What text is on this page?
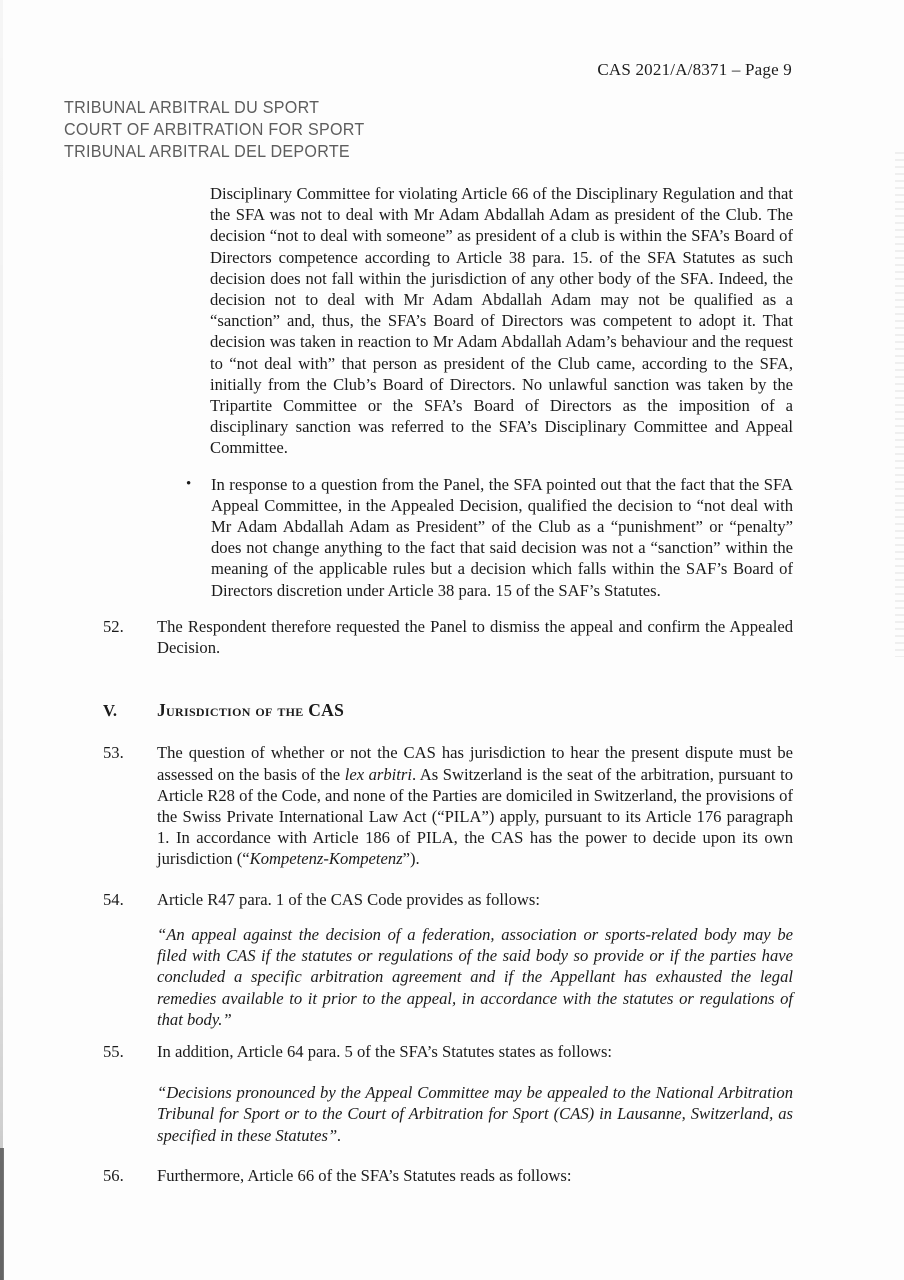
CAS 2021/A/8371 – Page 9
TRIBUNAL ARBITRAL DU SPORT
COURT OF ARBITRATION FOR SPORT
TRIBUNAL ARBITRAL DEL DEPORTE

Disciplinary Committee for violating Article 66 of the Disciplinary Regulation and that the SFA was not to deal with Mr Adam Abdallah Adam as president of the Club. The decision “not to deal with someone” as president of a club is within the SFA’s Board of Directors competence according to Article 38 para. 15. of the SFA Statutes as such decision does not fall within the jurisdiction of any other body of the SFA. Indeed, the decision not to deal with Mr Adam Abdallah Adam may not be qualified as a “sanction” and, thus, the SFA’s Board of Directors was competent to adopt it. That decision was taken in reaction to Mr Adam Abdallah Adam’s behaviour and the request to “not deal with” that person as president of the Club came, according to the SFA, initially from the Club’s Board of Directors. No unlawful sanction was taken by the Tripartite Committee or the SFA’s Board of Directors as the imposition of a disciplinary sanction was referred to the SFA’s Disciplinary Committee and Appeal Committee.

•	In response to a question from the Panel, the SFA pointed out that the fact that the SFA Appeal Committee, in the Appealed Decision, qualified the decision to “not deal with Mr Adam Abdallah Adam as President” of the Club as a “punishment” or “penalty” does not change anything to the fact that said decision was not a “sanction” within the meaning of the applicable rules but a decision which falls within the SAF’s Board of Directors discretion under Article 38 para. 15 of the SAF’s Statutes.
52.	The Respondent therefore requested the Panel to dismiss the appeal and confirm the Appealed Decision.
V.	Jurisdiction of the CAS
53.	The question of whether or not the CAS has jurisdiction to hear the present dispute must be assessed on the basis of the lex arbitri. As Switzerland is the seat of the arbitration, pursuant to Article R28 of the Code, and none of the Parties are domiciled in Switzerland, the provisions of the Swiss Private International Law Act (“PILA”) apply, pursuant to its Article 176 paragraph 1. In accordance with Article 186 of PILA, the CAS has the power to decide upon its own jurisdiction (“Kompetenz-Kompetenz”).
54.	Article R47 para. 1 of the CAS Code provides as follows:

“An appeal against the decision of a federation, association or sports-related body may be filed with CAS if the statutes or regulations of the said body so provide or if the parties have concluded a specific arbitration agreement and if the Appellant has exhausted the legal remedies available to it prior to the appeal, in accordance with the statutes or regulations of that body.”

55.	In addition, Article 64 para. 5 of the SFA’s Statutes states as follows:

“Decisions pronounced by the Appeal Committee may be appealed to the National Arbitration Tribunal for Sport or to the Court of Arbitration for Sport (CAS) in Lausanne, Switzerland, as specified in these Statutes”.

56.	Furthermore, Article 66 of the SFA’s Statutes reads as follows:
